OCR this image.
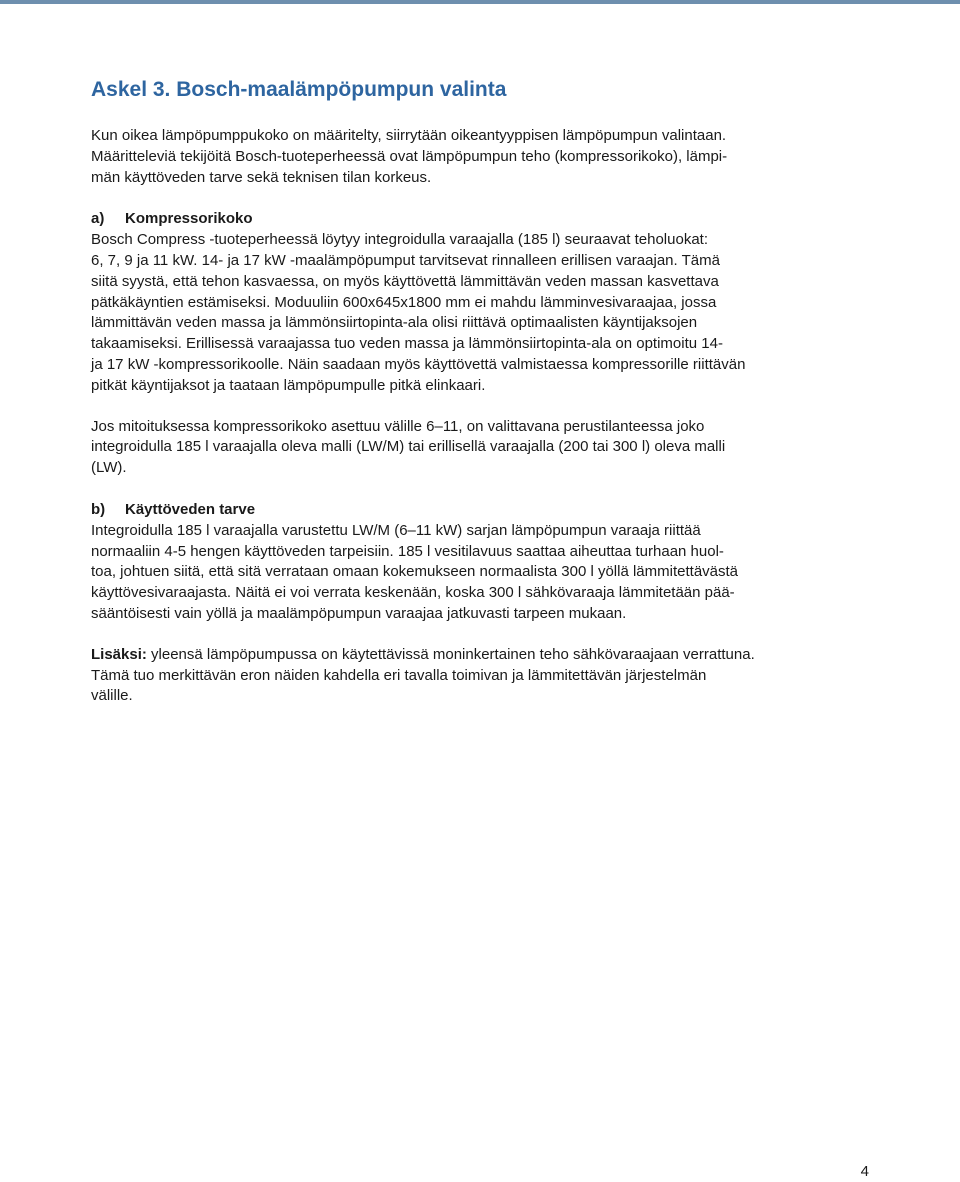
Askel 3. Bosch-maalämpöpumpun valinta

Kun oikea lämpöpumppukoko on määritelty, siirrytään oikeantyyppisen lämpöpumpun valintaan.

Määritteleviä tekijöitä Bosch-tuoteperheessä ovat lämpöpumpun teho (kompressorikoko), lämpi-

män käyttöveden tarve sekä teknisen tilan korkeus.

a) Kompressorikoko

Bosch Compress -tuoteperheessä löytyy integroidulla varaajalla (185 l) seuraavat teholuokat:

6, 7, 9 ja 11 kW. 14- ja 17 kW -maalämpöpumput tarvitsevat rinnalleen erillisen varaajan. Tämä

siitä syystä, että tehon kasvaessa, on myös käyttövettä lämmittävän veden massan kasvettava

pätkäkäyntien estämiseksi. Moduuliin 600x645x1800 mm ei mahdu lämminvesivaraajaa, jossa

lämmittävän veden massa ja lämmönsiirtopinta-ala olisi riittävä optimaalisten käyntijaksojen

takaamiseksi. Erillisessä varaajassa tuo veden massa ja lämmönsiirtopinta-ala on optimoitu 14-

ja 17 kW -kompressorikoolle. Näin saadaan myös käyttövettä valmistaessa kompressorille riittävän

pitkät käyntijaksot ja taataan lämpöpumpulle pitkä elinkaari.

Jos mitoituksessa kompressorikoko asettuu välille 6–11, on valittavana perustilanteessa joko

integroidulla 185 l varaajalla oleva malli (LW/M) tai erillisellä varaajalla (200 tai 300 l) oleva malli

(LW).

b) Käyttöveden tarve

Integroidulla 185 l varaajalla varustettu LW/M (6–11 kW) sarjan lämpöpumpun varaaja riittää

normaaliin 4-5 hengen käyttöveden tarpeisiin. 185 l vesitilavuus saattaa aiheuttaa turhaan huol-

toa, johtuen siitä, että sitä verrataan omaan kokemukseen normaalista 300 l yöllä lämmitettävästä

käyttövesivaraajasta. Näitä ei voi verrata keskenään, koska 300 l sähkövaraaja lämmitetään pää-

sääntöisesti vain yöllä ja maalämpöpumpun varaajaa jatkuvasti tarpeen mukaan.

Lisäksi: yleensä lämpöpumpussa on käytettävissä moninkertainen teho sähkövaraajaan verrattuna.

Tämä tuo merkittävän eron näiden kahdella eri tavalla toimivan ja lämmitettävän järjestelmän

välille.

4
